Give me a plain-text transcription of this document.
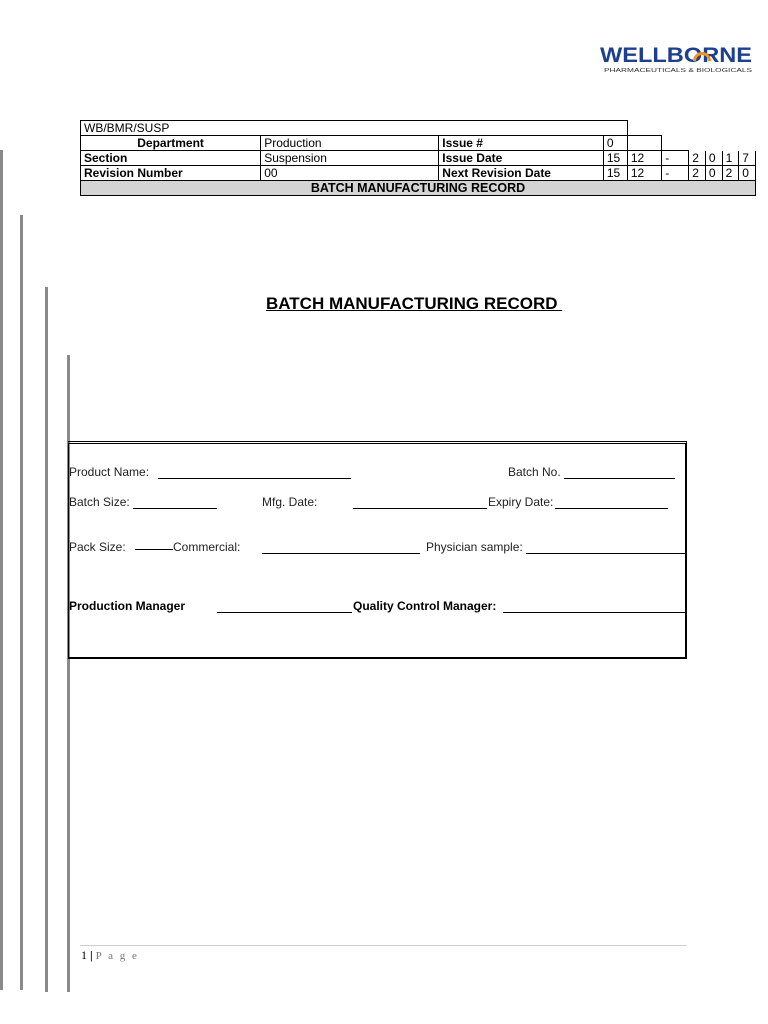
WELLBORNE
PHARMACEUTICALS & BIOLOGICALS
WB/BMR/SUSP									
Department	Production	Issue #	0						
Section	Suspension	Issue Date	15	12	-	2	0	1	7
Revision Number	00	Next Revision Date	15	12	-	2	0	2	0
BATCH MANUFACTURING RECORD									
BATCH MANUFACTURING RECORD
Product Name:	Batch No.
Batch Size:	Mfg. Date:	Expiry Date:
Pack Size:	Commercial:	Physician sample:
Production Manager	Quality Control Manager:
1 | P a g e
